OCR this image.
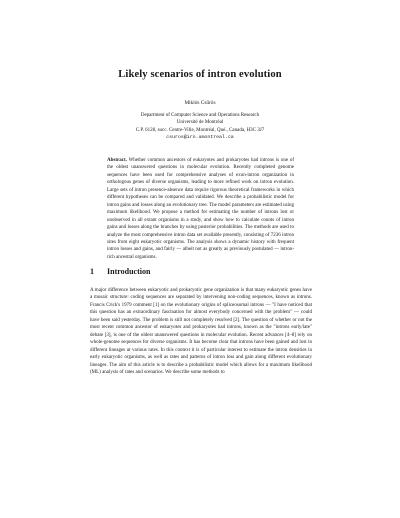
Likely scenarios of intron evolution
Miklós Csűrös
Department of Computer Science and Operations Research
Université de Montréal
C.P. 6128, succ. Centre-Ville, Montréal, Qué., Canada, H3C 3J7
csuros@iro.umontreal.ca
Abstract. Whether common ancestors of eukaryotes and prokaryotes had introns is one of the oldest unanswered questions in molecular evolution. Recently completed genome sequences have been used for comprehensive analyses of exon-intron organization in orthologous genes of diverse organisms, leading to more refined work on intron evolution. Large sets of intron presence-absence data require rigorous theoretical frameworks in which different hypotheses can be compared and validated. We describe a probabilistic model for intron gains and losses along an evolutionary tree. The model parameters are estimated using maximum likelihood. We propose a method for estimating the number of introns lost or unobserved in all extant organisms in a study, and show how to calculate counts of intron gains and losses along the branches by using posterior probabilities. The methods are used to analyze the most comprehensive intron data set available presently, consisting of 7236 intron sites from eight eukaryotic organisms. The analysis shows a dynamic history with frequent intron losses and gains, and fairly — albeit not as greatly as previously postulated — intron-rich ancestral organisms.
1 Introduction
A major difference between eukaryotic and prokaryotic gene organization is that many eukaryotic genes have a mosaic structure: coding sequences are separated by intervening non-coding sequences, known as introns. Francis Crick's 1979 comment [1] on the evolutionary origins of spliceosomal introns — "I have noticed that this question has an extraordinary fascination for almost everybody concerned with the problem" — could have been said yesterday. The problem is still not completely resolved [2]. The question of whether or not the most recent common ancestor of eukaryotes and prokaryotes had introns, known as the "introns early/late" debate [3], is one of the oldest unanswered questions in molecular evolution. Recent advances [4–8] rely on whole-genome sequences for diverse organisms. It has become clear that introns have been gained and lost in different lineages at various rates. In this context it is of particular interest to estimate the intron densities in early eukaryotic organisms, as well as rates and patterns of intron loss and gain along different evolutionary lineages. The aim of this article is to describe a probabilistic model which allows for a maximum likelihood (ML) analysis of rates and scenarios. We describe some methods to
